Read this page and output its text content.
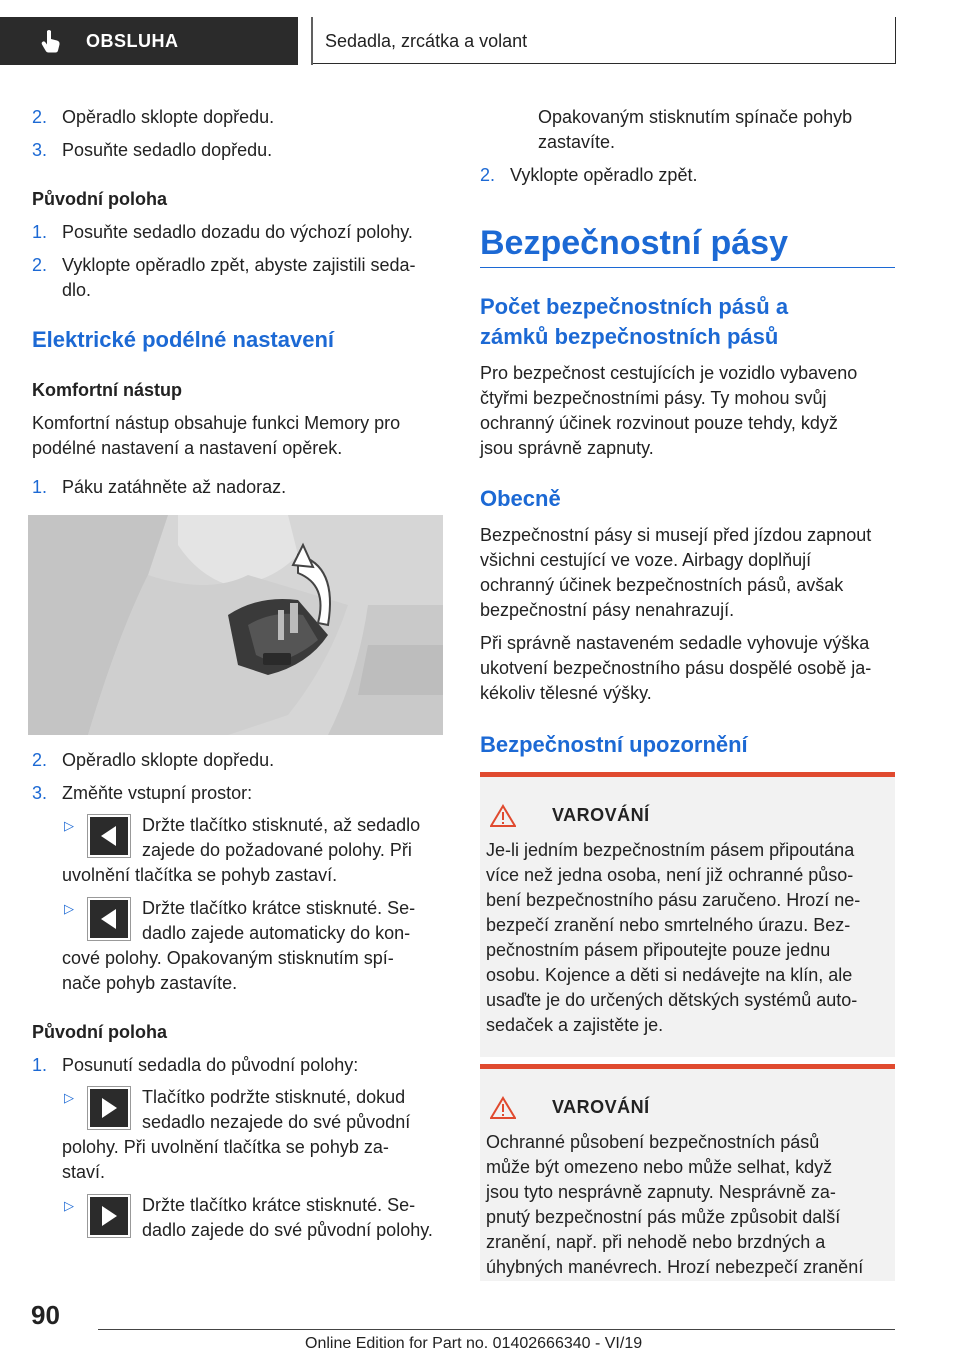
OBSLUHA	Sedadla, zrcátka a volant
2. Opěradlo sklopte dopředu.
3. Posuňte sedadlo dopředu.
Původní poloha
1. Posuňte sedadlo dozadu do výchozí polohy.
2. Vyklopte opěradlo zpět, abyste zajistili seda‐
dlo.
Elektrické podélné nastavení
Komfortní nástup
Komfortní nástup obsahuje funkci Memory pro
podélné nastavení a nastavení opěrek.
1. Páku zatáhněte až nadoraz.
2. Opěradlo sklopte dopředu.
3. Změňte vstupní prostor:
▷	Držte tlačítko stisknuté, až sedadlo
zajede do požadované polohy. Při
uvolnění tlačítka se pohyb zastaví.
▷	Držte tlačítko krátce stisknuté. Se‐
dadlo zajede automaticky do kon‐
cové polohy. Opakovaným stisknutím spí‐
nače pohyb zastavíte.
Původní poloha
1. Posunutí sedadla do původní polohy:
▷	Tlačítko podržte stisknuté, dokud
sedadlo nezajede do své původní
polohy. Při uvolnění tlačítka se pohyb za‐
staví.
▷	Držte tlačítko krátce stisknuté. Se‐
dadlo zajede do své původní polohy.
Opakovaným stisknutím spínače pohyb
zastavíte.
2. Vyklopte opěradlo zpět.
Bezpečnostní pásy
Počet bezpečnostních pásů a
zámků bezpečnostních pásů
Pro bezpečnost cestujících je vozidlo vybaveno
čtyřmi bezpečnostními pásy. Ty mohou svůj
ochranný účinek rozvinout pouze tehdy, když
jsou správně zapnuty.
Obecně
Bezpečnostní pásy si musejí před jízdou zapnout
všichni cestující ve voze. Airbagy doplňují
ochranný účinek bezpečnostních pásů, avšak
bezpečnostní pásy nenahrazují.
Při správně nastaveném sedadle vyhovuje výška
ukotvení bezpečnostního pásu dospělé osobě ja‐
kékoliv tělesné výšky.
Bezpečnostní upozornění
VAROVÁNÍ
Je-li jedním bezpečnostním pásem připoutána
více než jedna osoba, není již ochranné půso‐
bení bezpečnostního pásu zaručeno. Hrozí ne‐
bezpečí zranění nebo smrtelného úrazu. Bez‐
pečnostním pásem připoutejte pouze jednu
osobu. Kojence a děti si nedávejte na klín, ale
usaďte je do určených dětských systémů auto‐
sedaček a zajistěte je.
VAROVÁNÍ
Ochranné působení bezpečnostních pásů
může být omezeno nebo může selhat, když
jsou tyto nesprávně zapnuty. Nesprávně za‐
pnutý bezpečnostní pás může způsobit další
zranění, např. při nehodě nebo brzdných a
úhybných manévrech. Hrozí nebezpečí zranění
90
Online Edition for Part no. 01402666340 - VI/19
